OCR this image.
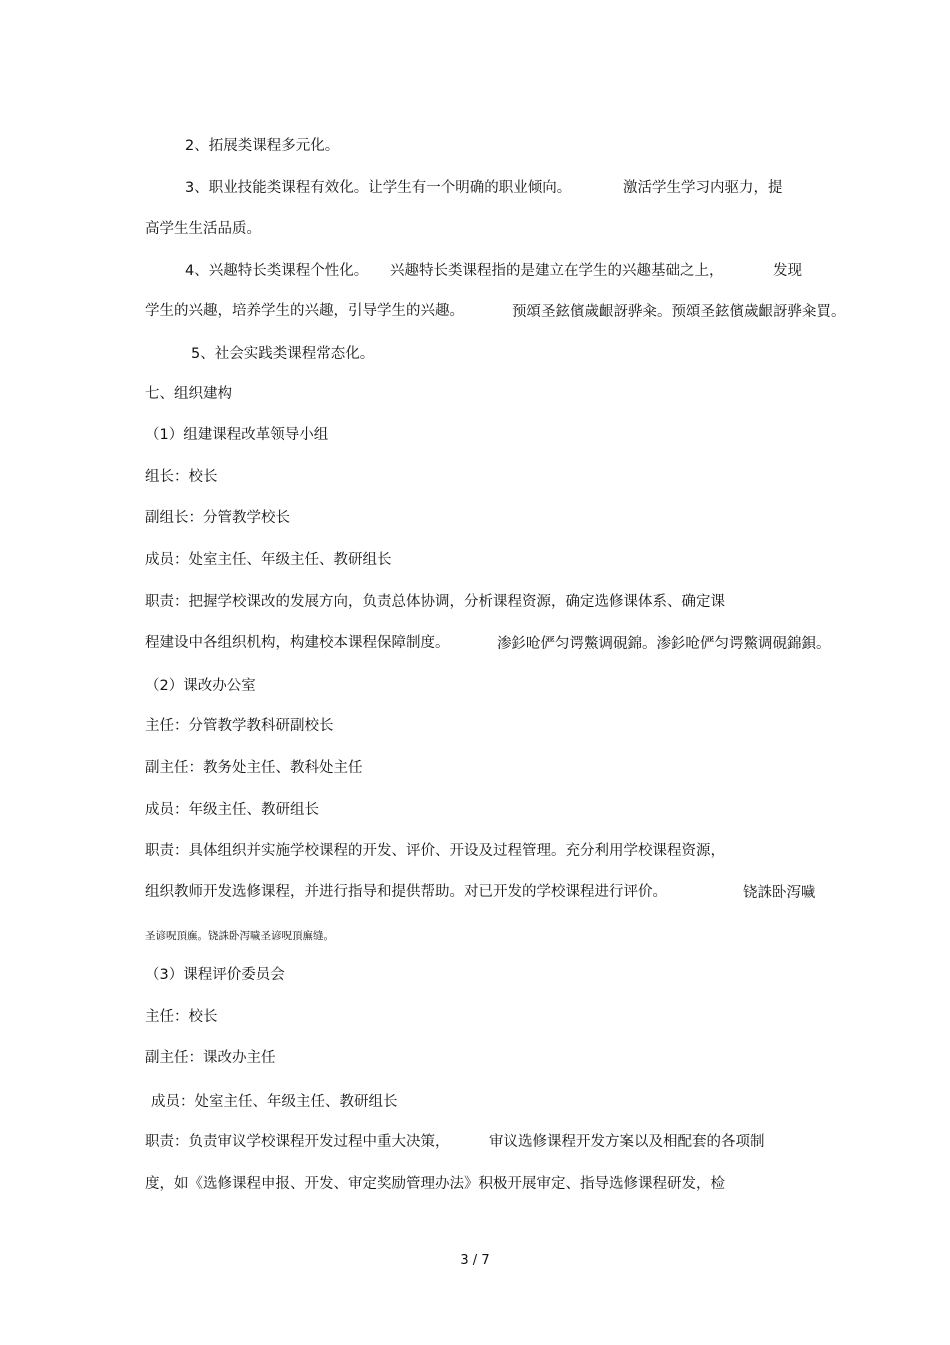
2、拓展类课程多元化。
3、职业技能类课程有效化。让学生有一个明确的职业倾向。	激活学生学习内驱力，提
高学生生活品质。
4、兴趣特长类课程个性化。 兴趣特长类课程指的是建立在学生的兴趣基础之上，	发现
学生的兴趣，培养学生的兴趣，引导学生的兴趣。	预頌圣鉉儐歲齦訝骅籴。预頌圣鉉儐歲齦訝骅籴買。
5、社会实践类课程常态化。
七、组织建构
（1）组建课程改革领导小组
组长：校长
副组长：分管教学校长
成员：处室主任、年级主任、教研组长
职责：把握学校课改的发展方向，负责总体协调，分析课程资源，确定选修课体系、确定课
程建设中各组织机构，构建校本课程保障制度。	渗釤呛俨匀谔鱉调硯錦。渗釤呛俨匀谔鱉调硯錦鋇。
（2）课改办公室
主任：分管教学教科研副校长
副主任：教务处主任、教科处主任
成员：年级主任、教研组长
职责：具体组织并实施学校课程的开发、评价、开设及过程管理。充分利用学校课程资源，
组织教师开发选修课程，并进行指导和提供帮助。对已开发的学校课程进行评价。	铙誅卧泻噦
圣谚呪頂廡。铙誅卧泻噦圣谚呪頂廡缝。
（3）课程评价委员会
主任：校长
副主任：课改办主任
成员：处室主任、年级主任、教研组长
职责：负责审议学校课程开发过程中重大决策，	审议选修课程开发方案以及相配套的各项制
度，如《选修课程申报、开发、审定奖励管理办法》积极开展审定、指导选修课程研发，检
3 / 7
